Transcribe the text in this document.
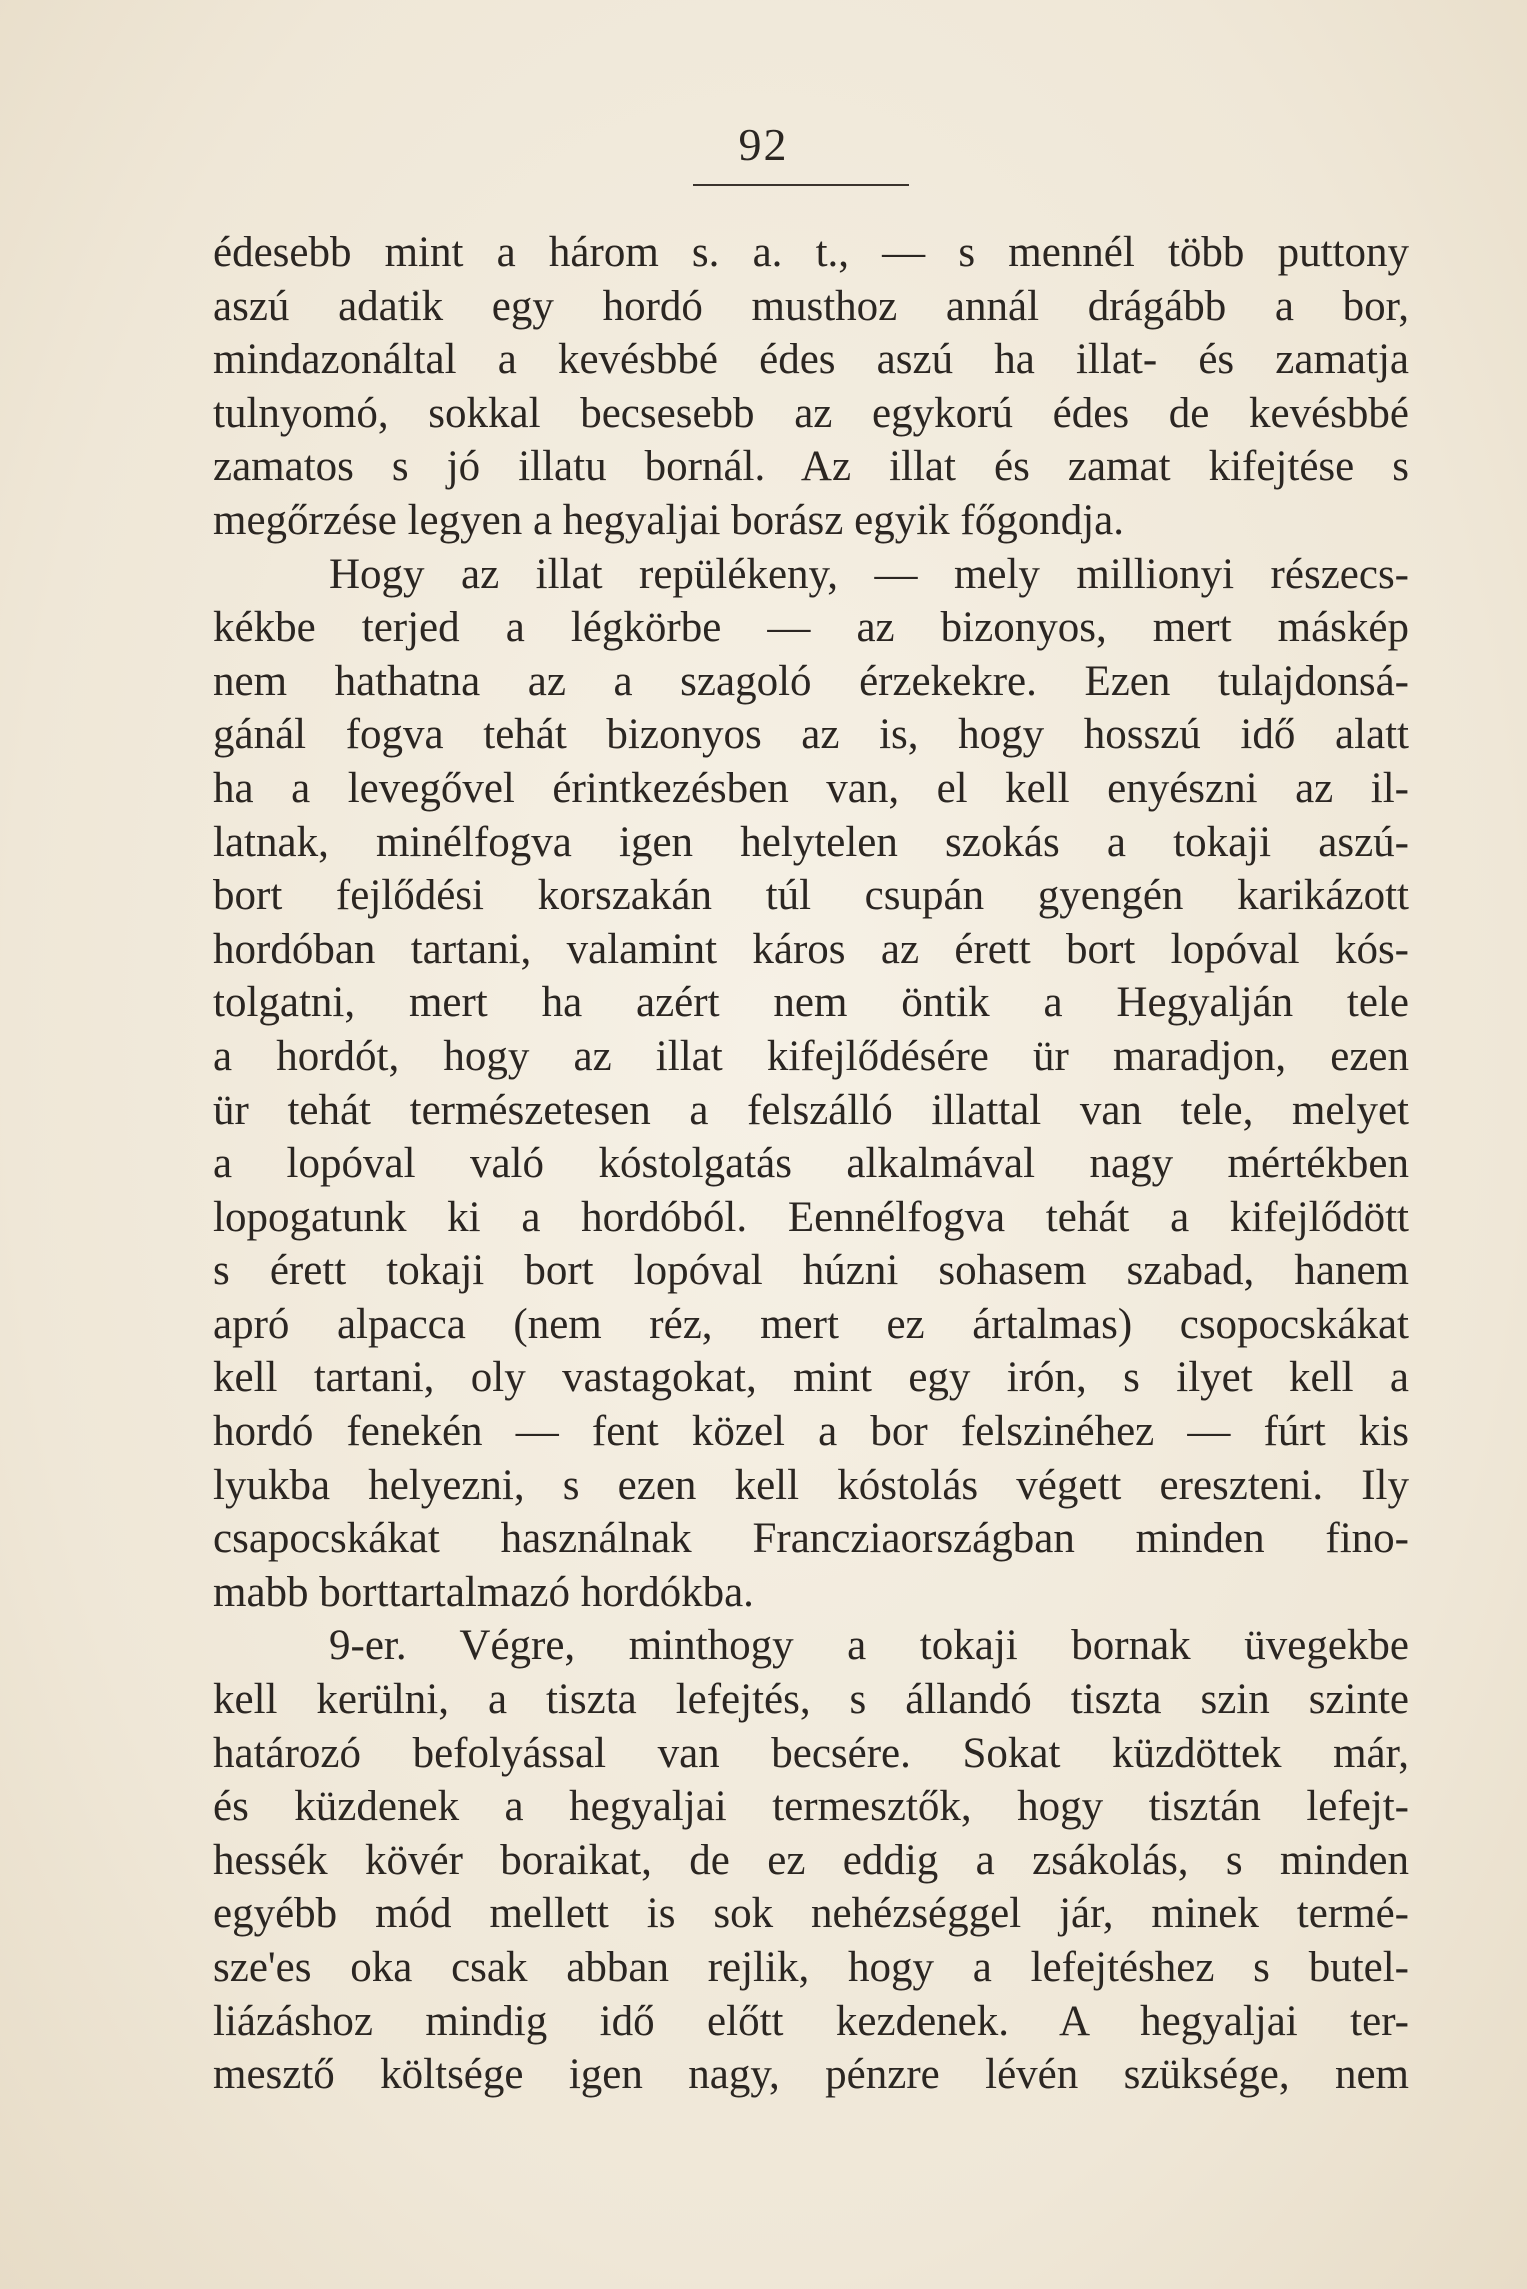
92
édesebb mint a három s. a. t., — s mennél több puttony
aszú adatik egy hordó musthoz annál drágább a bor,
mindazonáltal a kevésbbé édes aszú ha illat- és zamatja
tulnyomó, sokkal becsesebb az egykorú édes de kevésbbé
zamatos s jó illatu bornál. Az illat és zamat kifejtése s
megőrzése legyen a hegyaljai borász egyik főgondja.
Hogy az illat repülékeny, — mely millionyi részecs-
kékbe terjed a légkörbe — az bizonyos, mert máskép
nem hathatna az a szagoló érzekekre. Ezen tulajdonsá-
gánál fogva tehát bizonyos az is, hogy hosszú idő alatt
ha a levegővel érintkezésben van, el kell enyészni az il-
latnak, minélfogva igen helytelen szokás a tokaji aszú-
bort fejlődési korszakán túl csupán gyengén karikázott
hordóban tartani, valamint káros az érett bort lopóval kós-
tolgatni, mert ha azért nem öntik a Hegyalján tele
a hordót, hogy az illat kifejlődésére ür maradjon, ezen
ür tehát természetesen a felszálló illattal van tele, melyet
a lopóval való kóstolgatás alkalmával nagy mértékben
lopogatunk ki a hordóból. Eennélfogva tehát a kifejlődött
s érett tokaji bort lopóval húzni sohasem szabad, hanem
apró alpacca (nem réz, mert ez ártalmas) csopocskákat
kell tartani, oly vastagokat, mint egy irón, s ilyet kell a
hordó fenekén — fent közel a bor felszinéhez — fúrt kis
lyukba helyezni, s ezen kell kóstolás végett ereszteni. Ily
csapocskákat használnak Francziaországban minden fino-
mabb borttartalmazó hordókba.
9-er. Végre, minthogy a tokaji bornak üvegekbe
kell kerülni, a tiszta lefejtés, s állandó tiszta szin szinte
határozó befolyással van becsére. Sokat küzdöttek már,
és küzdenek a hegyaljai termesztők, hogy tisztán lefejt-
hessék kövér boraikat, de ez eddig a zsákolás, s minden
egyébb mód mellett is sok nehézséggel jár, minek termé-
sze'es oka csak abban rejlik, hogy a lefejtéshez s butel-
liázáshoz mindig idő előtt kezdenek. A hegyaljai ter-
mesztő költsége igen nagy, pénzre lévén szüksége, nem
